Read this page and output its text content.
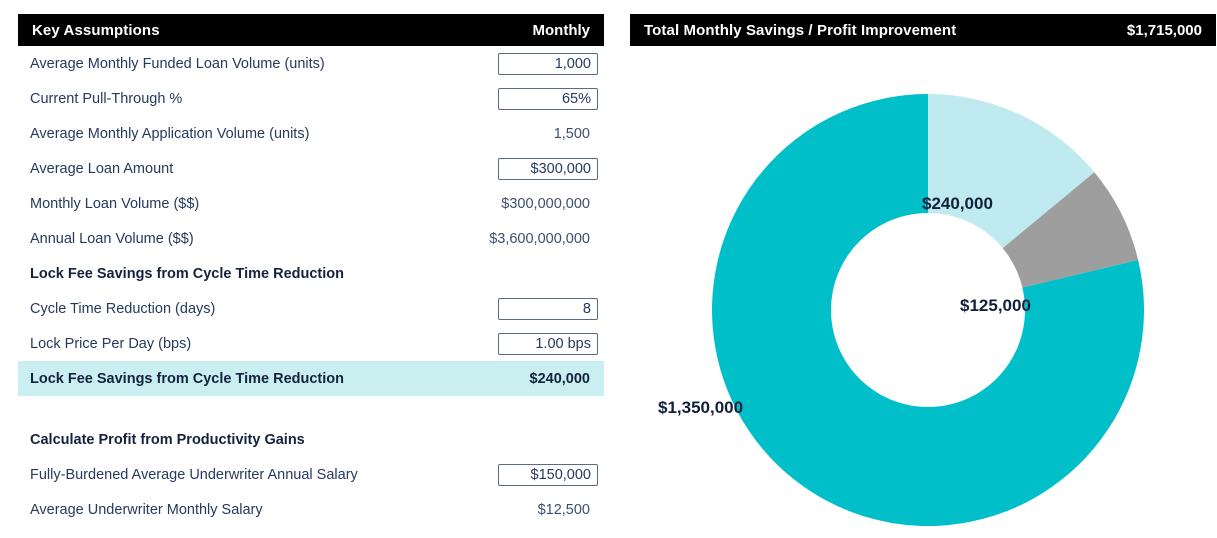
Key Assumptions	Monthly
Average Monthly Funded Loan Volume (units)	1,000
Current Pull-Through %	65%
Average Monthly Application Volume (units)	1,500
Average Loan Amount	$300,000
Monthly Loan Volume ($$)	$300,000,000
Annual Loan Volume ($$)	$3,600,000,000
Lock Fee Savings from Cycle Time Reduction
Cycle Time Reduction (days)	8
Lock Price Per Day (bps)	1.00 bps
Lock Fee Savings from Cycle Time Reduction	$240,000
Calculate Profit from Productivity Gains
Fully-Burdened Average Underwriter Annual Salary	$150,000
Average Underwriter Monthly Salary	$12,500
Total Monthly Savings / Profit Improvement	$1,715,000
$240,000
$125,000
$1,350,000
